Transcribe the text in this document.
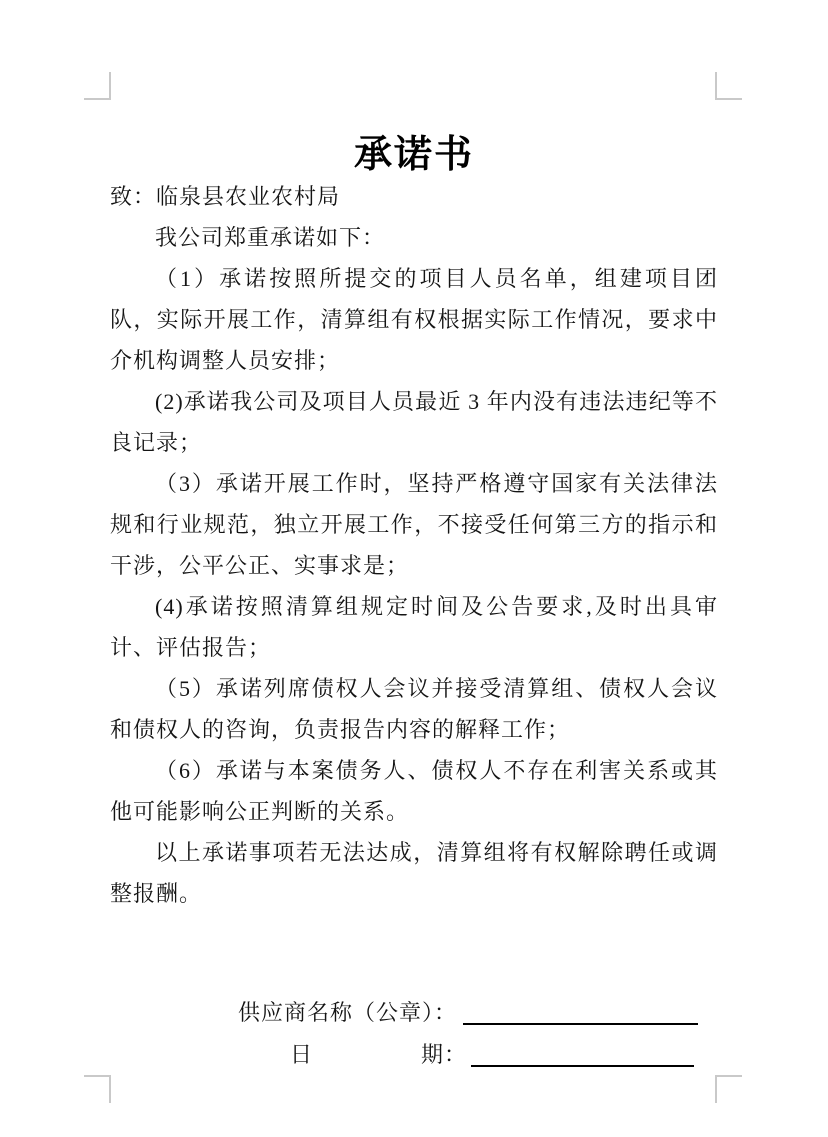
承诺书

致：临泉县农业农村局

我公司郑重承诺如下：

（1）承诺按照所提交的项目人员名单，组建项目团队，实际开展工作，清算组有权根据实际工作情况，要求中介机构调整人员安排；

(2)承诺我公司及项目人员最近 3 年内没有违法违纪等不良记录；

（3）承诺开展工作时，坚持严格遵守国家有关法律法规和行业规范，独立开展工作，不接受任何第三方的指示和干涉，公平公正、实事求是；

(4)承诺按照清算组规定时间及公告要求,及时出具审计、评估报告；

（5）承诺列席债权人会议并接受清算组、债权人会议和债权人的咨询，负责报告内容的解释工作；

（6）承诺与本案债务人、债权人不存在利害关系或其他可能影响公正判断的关系。

以上承诺事项若无法达成，清算组将有权解除聘任或调整报酬。

供应商名称（公章）：

日	期：
